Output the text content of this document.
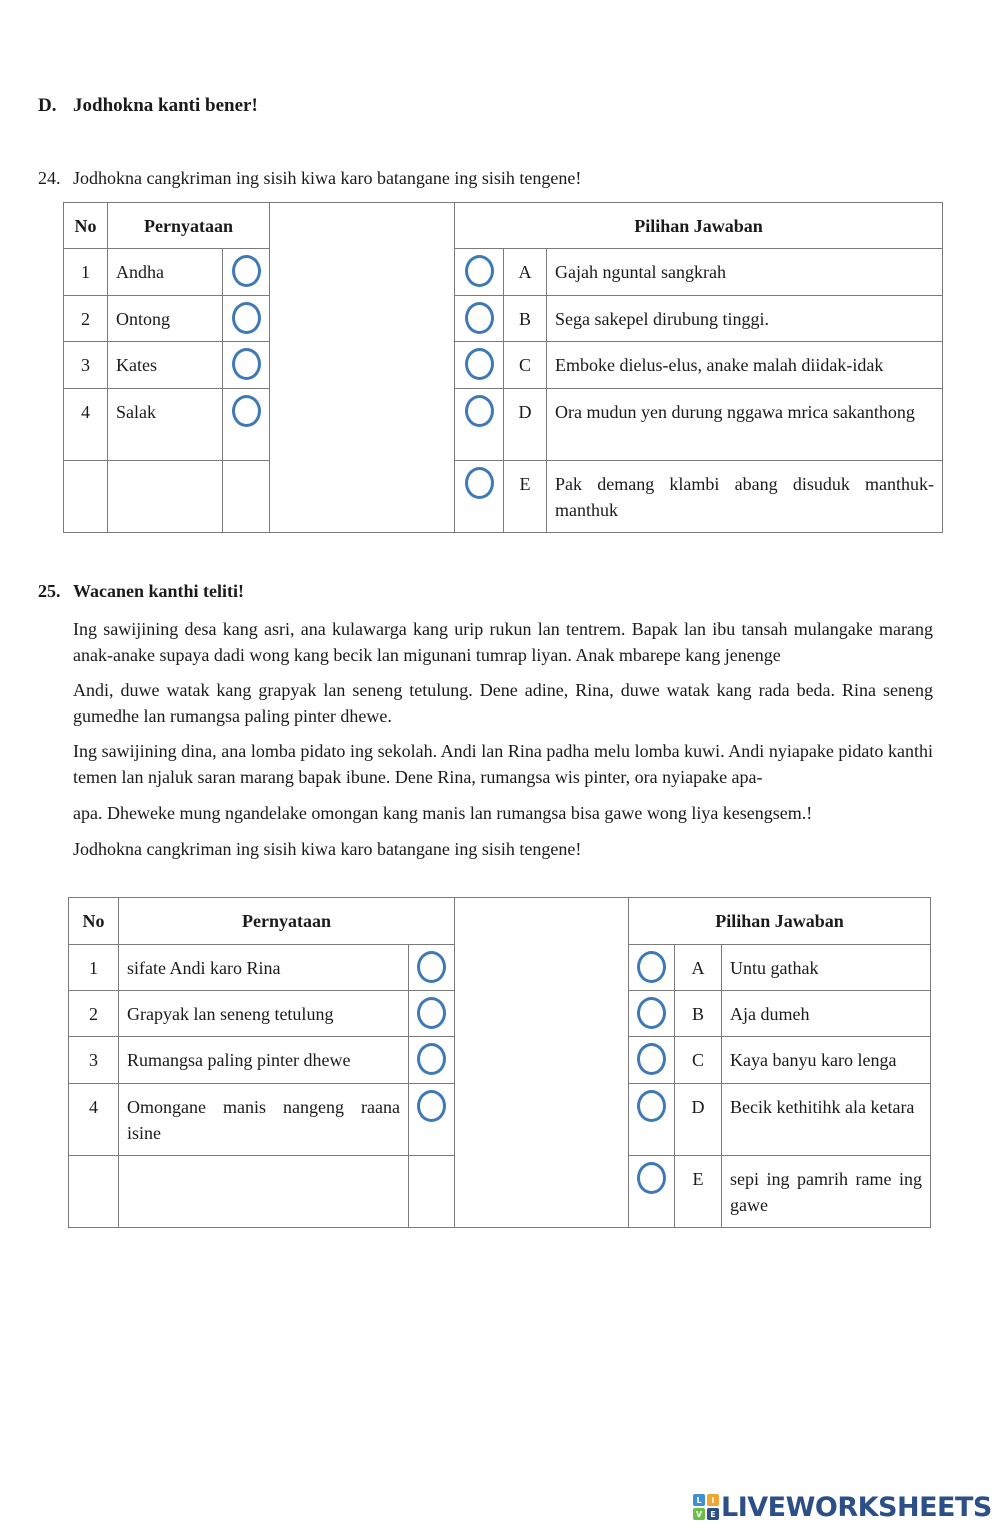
D. Jodhokna kanti bener!
24. Jodhokna cangkriman ing sisih kiwa karo batangane ing sisih tengene!
No	Pernyataan			Pilihan Jawaban		
1	Andha				A	Gajah nguntal sangkrah
2	Ontong				B	Sega sakepel dirubung tinggi.
3	Kates				C	Emboke dielus-elus, anake malah diidak-idak
4	Salak				D	Ora mudun yen durung nggawa mrica sakanthong
					E	Pak demang klambi abang disuduk manthuk-manthuk
25. Wacanen kanthi teliti!
Ing sawijining desa kang asri, ana kulawarga kang urip rukun lan tentrem. Bapak lan ibu tansah mulangake marang anak-anake supaya dadi wong kang becik lan migunani tumrap liyan. Anak mbarepe kang jenenge
Andi, duwe watak kang grapyak lan seneng tetulung. Dene adine, Rina, duwe watak kang rada beda. Rina seneng gumedhe lan rumangsa paling pinter dhewe.
Ing sawijining dina, ana lomba pidato ing sekolah. Andi lan Rina padha melu lomba kuwi. Andi nyiapake pidato kanthi temen lan njaluk saran marang bapak ibune. Dene Rina, rumangsa wis pinter, ora nyiapake apa-
apa. Dheweke mung ngandelake omongan kang manis lan rumangsa bisa gawe wong liya kesengsem.!
Jodhokna cangkriman ing sisih kiwa karo batangane ing sisih tengene!
No	Pernyataan			Pilihan Jawaban		
1	sifate Andi karo Rina				A	Untu gathak
2	Grapyak lan seneng tetulung				B	Aja dumeh
3	Rumangsa paling pinter dhewe				C	Kaya banyu karo lenga
4	Omongane manis nangeng raana isine				D	Becik kethitihk ala ketara
					E	sepi ing pamrih rame ing gawe
L	I
V	E LIVEWORKSHEETS
